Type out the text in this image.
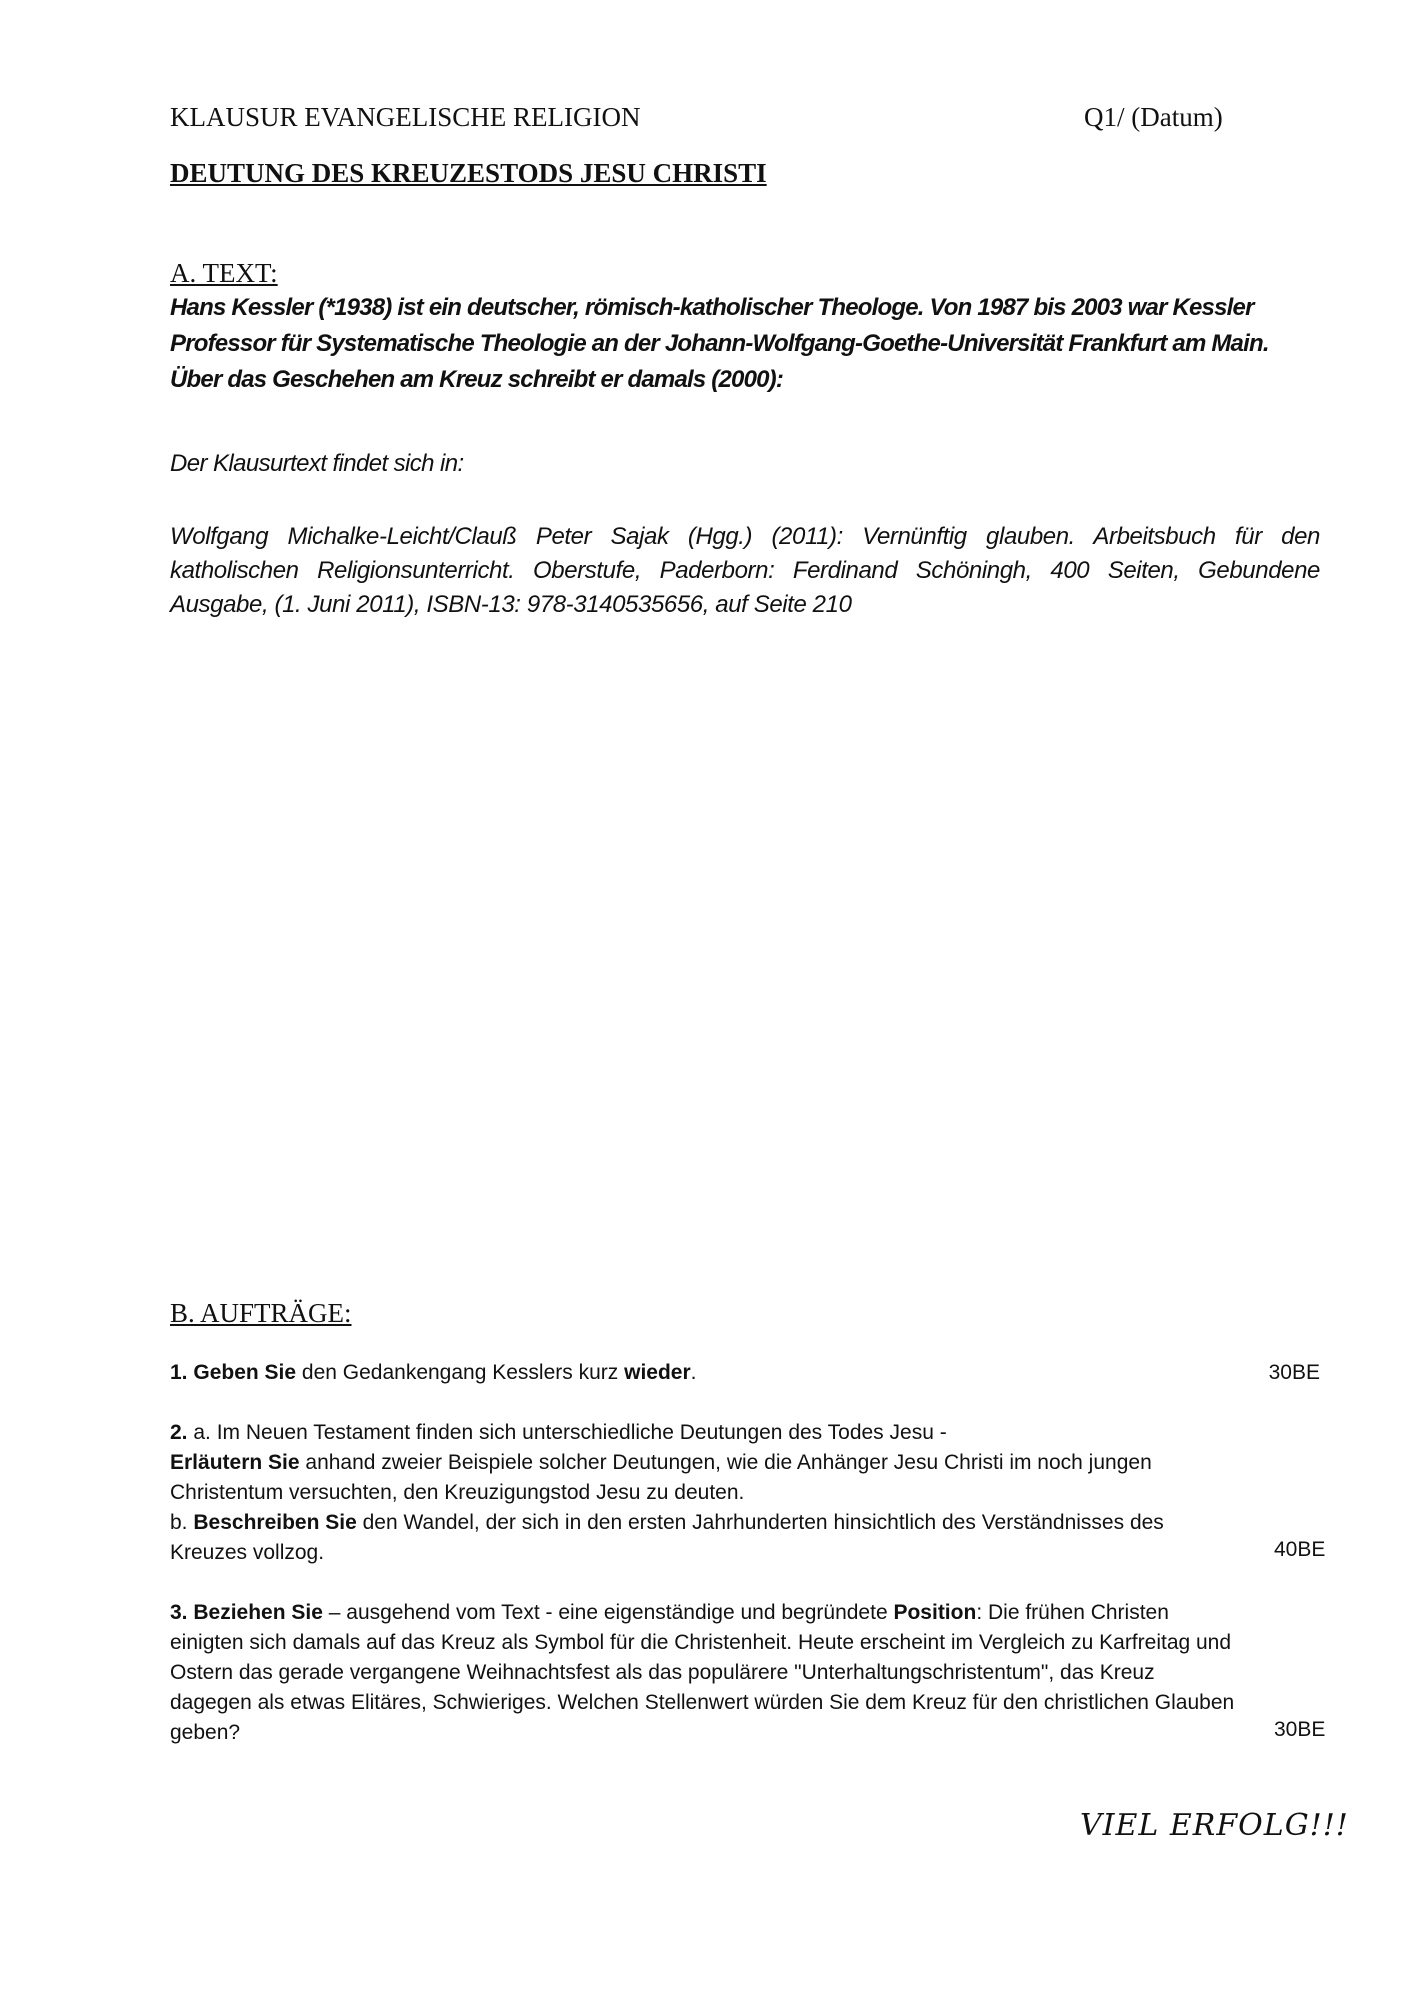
KLAUSUR EVANGELISCHE RELIGION	Q1/ (Datum)
DEUTUNG DES KREUZESTODS JESU CHRISTI
A. TEXT:
Hans Kessler (*1938) ist ein deutscher, römisch-katholischer Theologe. Von 1987 bis 2003 war Kessler
Professor für Systematische Theologie an der Johann-Wolfgang-Goethe-Universität Frankfurt am Main.
Über das Geschehen am Kreuz schreibt er damals (2000):
Der Klausurtext findet sich in:
Wolfgang Michalke-Leicht/Clauß Peter Sajak (Hgg.) (2011): Vernünftig glauben. Arbeitsbuch für den katholischen Religionsunterricht. Oberstufe, Paderborn: Ferdinand Schöningh, 400 Seiten, Gebundene Ausgabe, (1. Juni 2011), ISBN-13: 978-3140535656, auf Seite 210
B. AUFTRÄGE:

1. Geben Sie den Gedankengang Kesslers kurz wieder.	30BE

2. a. Im Neuen Testament finden sich unterschiedliche Deutungen des Todes Jesu -

Erläutern Sie anhand zweier Beispiele solcher Deutungen, wie die Anhänger Jesu Christi im noch jungen Christentum versuchten, den Kreuzigungstod Jesu zu deuten.

b. Beschreiben Sie den Wandel, der sich in den ersten Jahrhunderten hinsichtlich des Verständnisses des Kreuzes vollzog.	40BE

3. Beziehen Sie – ausgehend vom Text - eine eigenständige und begründete Position: Die frühen Christen einigten sich damals auf das Kreuz als Symbol für die Christenheit. Heute erscheint im Vergleich zu Karfreitag und Ostern das gerade vergangene Weihnachtsfest als das populärere "Unterhaltungschristentum", das Kreuz dagegen als etwas Elitäres, Schwieriges. Welchen Stellenwert würden Sie dem Kreuz für den christlichen Glauben geben?	30BE
VIEL ERFOLG!!!
